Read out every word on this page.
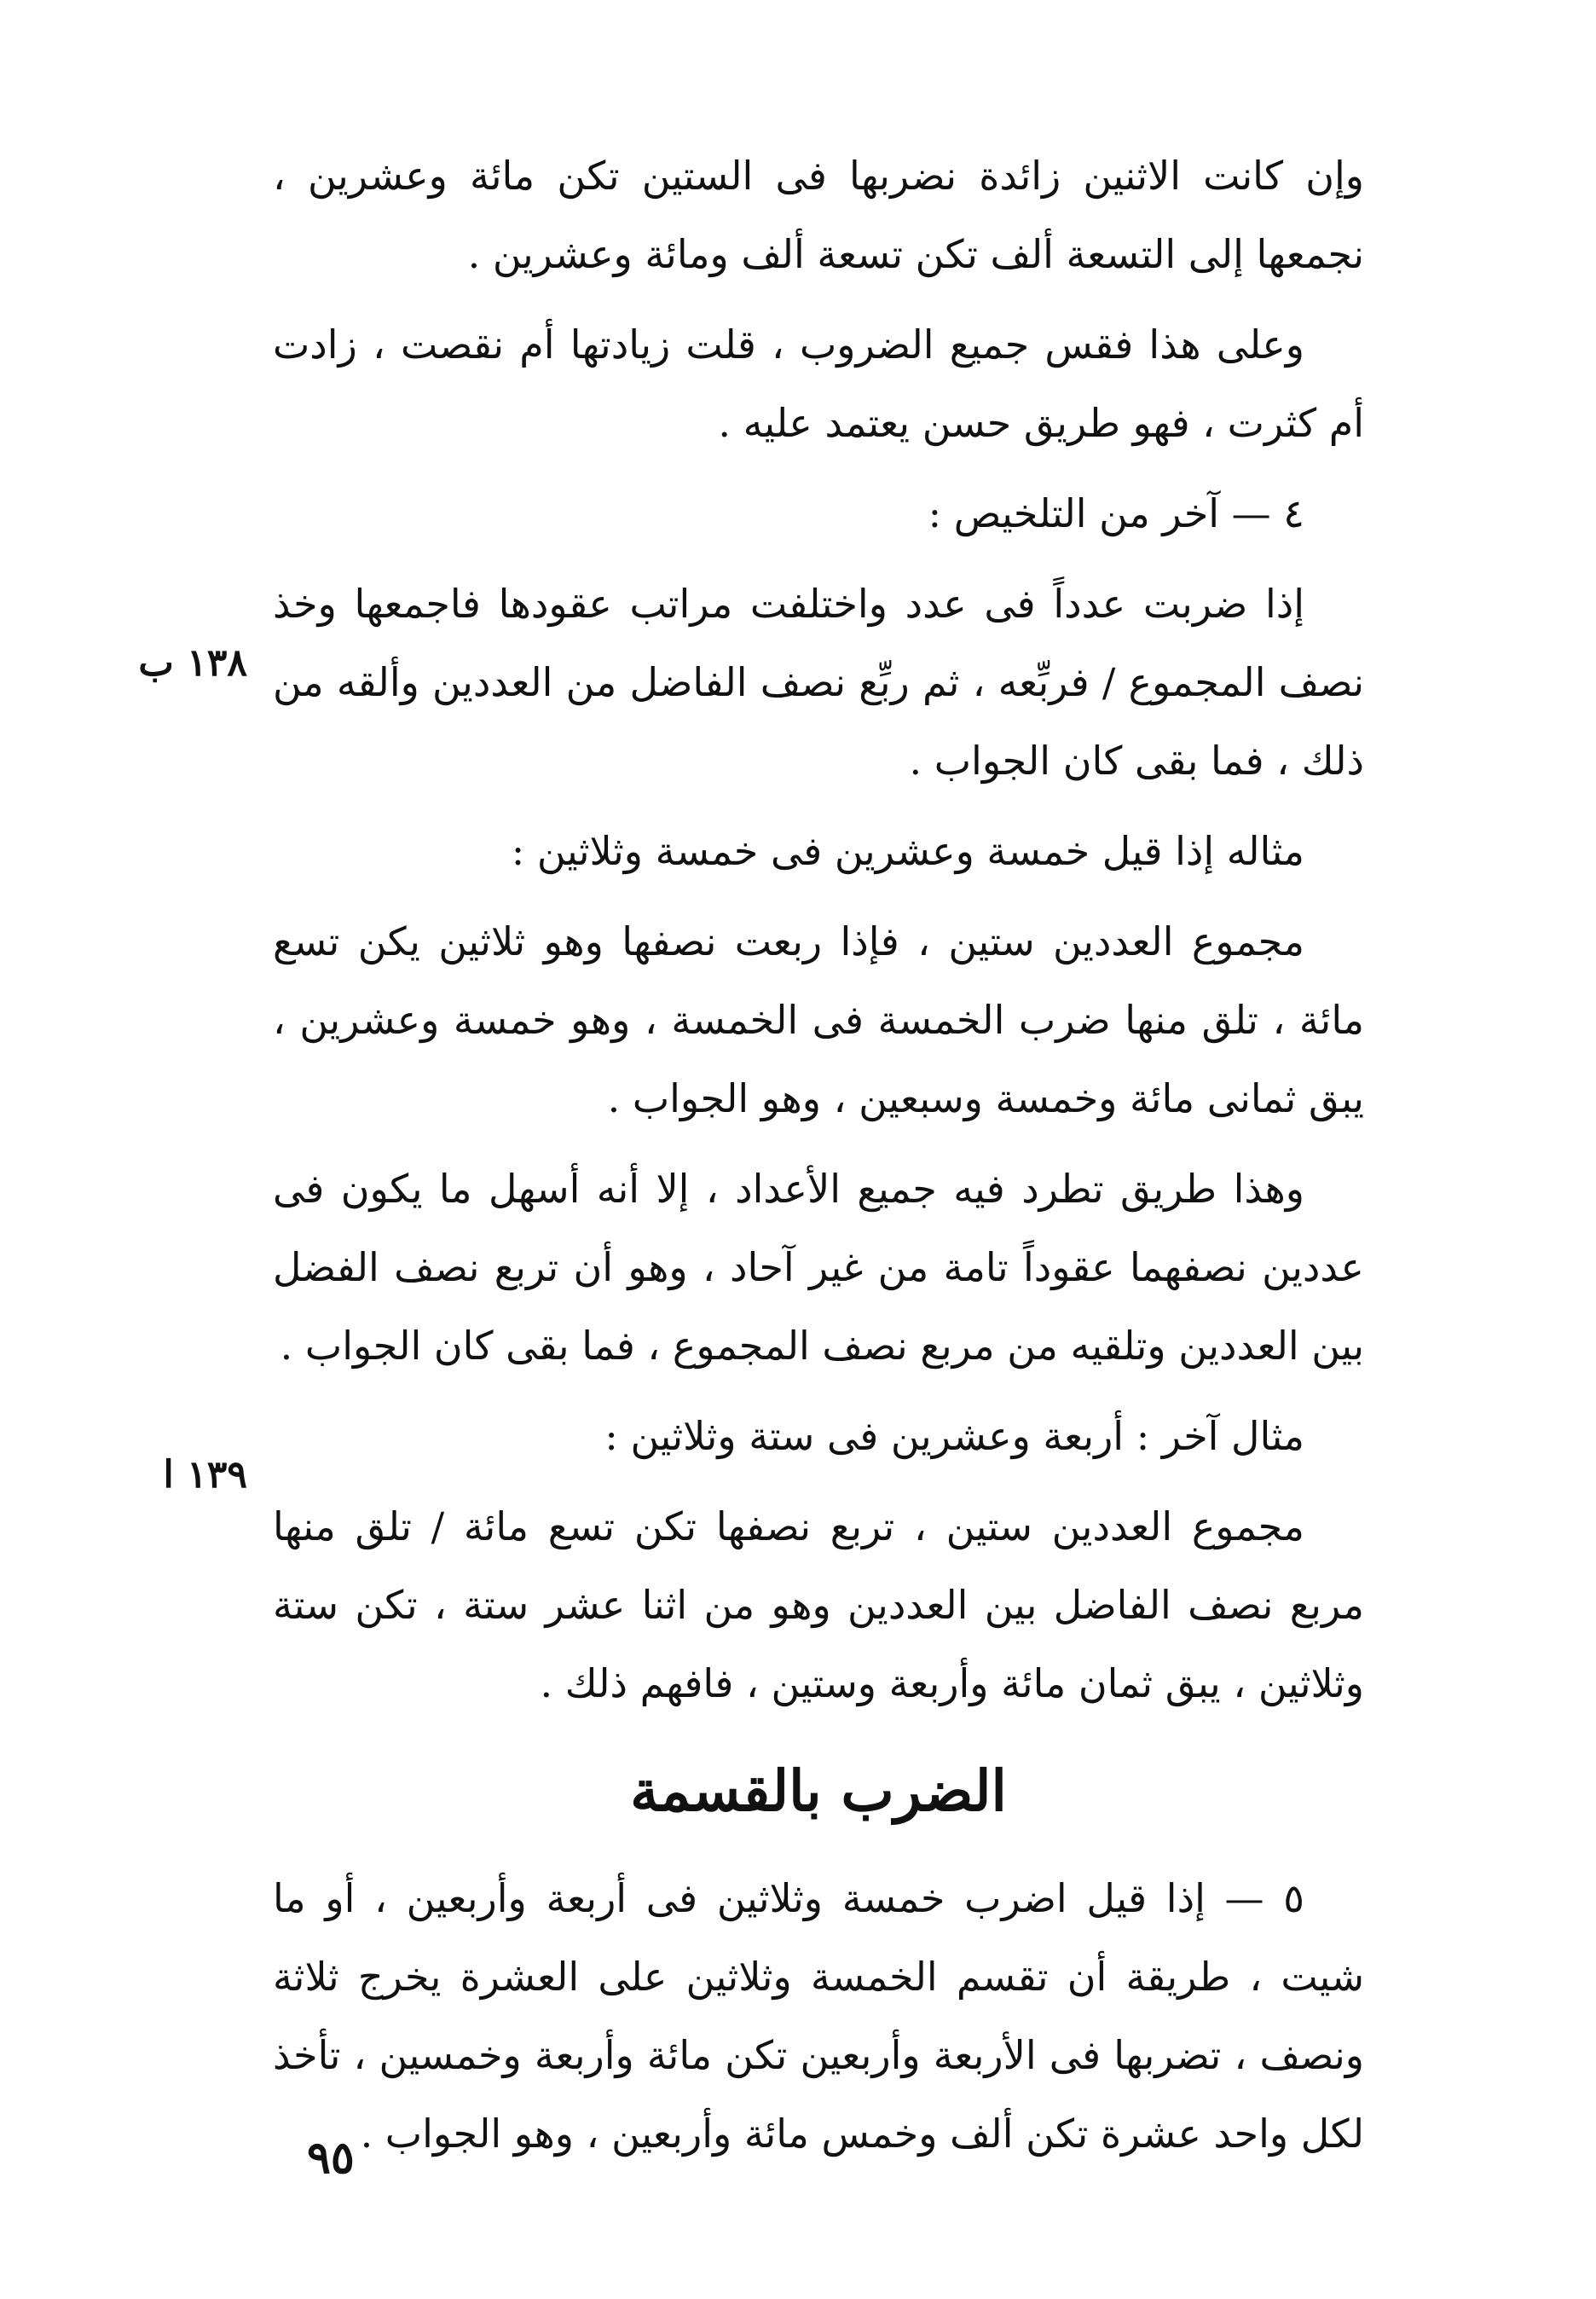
١٣٨ ب
١٣٩ ا

وإن كانت الاثنين زائدة نضربها فى الستين تكن مائة وعشرين ، نجمعها إلى التسعة ألف تكن تسعة ألف ومائة وعشرين .

وعلى هذا فقس جميع الضروب ، قلت زيادتها أم نقصت ، زادت أم كثرت ، فهو طريق حسن يعتمد عليه .

٤ — آخر من التلخيص :

إذا ضربت عدداً فى عدد واختلفت مراتب عقودها فاجمعها وخذ نصف المجموع / فربِّعه ، ثم ربِّع نصف الفاضل من العددين وألقه من ذلك ، فما بقى كان الجواب .

مثاله إذا قيل خمسة وعشرين فى خمسة وثلاثين :

مجموع العددين ستين ، فإذا ربعت نصفها وهو ثلاثين يكن تسع مائة ، تلق منها ضرب الخمسة فى الخمسة ، وهو خمسة وعشرين ، يبق ثمانى مائة وخمسة وسبعين ، وهو الجواب .

وهذا طريق تطرد فيه جميع الأعداد ، إلا أنه أسهل ما يكون فى عددين نصفهما عقوداً تامة من غير آحاد ، وهو أن تربع نصف الفضل بين العددين وتلقيه من مربع نصف المجموع ، فما بقى كان الجواب .

مثال آخر : أربعة وعشرين فى ستة وثلاثين :

مجموع العددين ستين ، تربع نصفها تكن تسع مائة / تلق منها مربع نصف الفاضل بين العددين وهو من اثنا عشر ستة ، تكن ستة وثلاثين ، يبق ثمان مائة وأربعة وستين ، فافهم ذلك .

الضرب بالقسمة

٥ — إذا قيل اضرب خمسة وثلاثين فى أربعة وأربعين ، أو ما شيت ، طريقة أن تقسم الخمسة وثلاثين على العشرة يخرج ثلاثة ونصف ، تضربها فى الأربعة وأربعين تكن مائة وأربعة وخمسين ، تأخذ لكل واحد عشرة تكن ألف وخمس مائة وأربعين ، وهو الجواب .

٩٥
